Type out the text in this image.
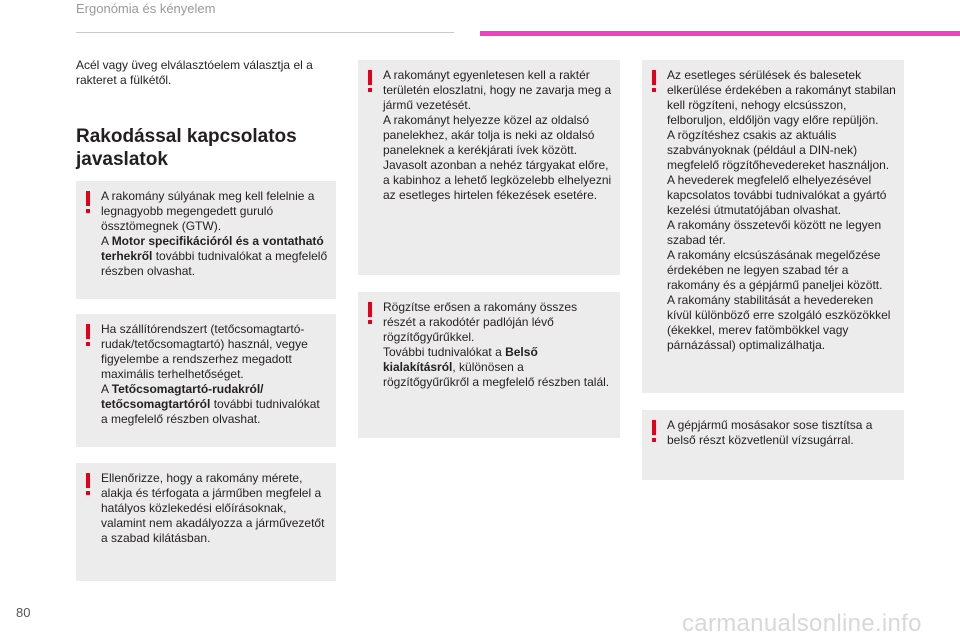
Ergonómia és kényelem

Acél vagy üveg elválasztóelem választja el a rakteret a fülkétől.

Rakodással kapcsolatos javaslatok

A rakomány súlyának meg kell felelnie a legnagyobb megengedett guruló össztömegnek (GTW).

A Motor specifikációról és a vontatható terhekről további tudnivalókat a megfelelő részben olvashat.

Ha szállítórendszert (tetőcsomagtartó-rudak/tetőcsomagtartó) használ, vegye figyelembe a rendszerhez megadott maximális terhelhetőséget.

A Tetőcsomagtartó-rudakról/ tetőcsomagtartóról további tudnivalókat a megfelelő részben olvashat.

Ellenőrizze, hogy a rakomány mérete, alakja és térfogata a járműben megfelel a hatályos közlekedési előírásoknak, valamint nem akadályozza a járművezetőt a szabad kilátásban.

A rakományt egyenletesen kell a raktér területén eloszlatni, hogy ne zavarja meg a jármű vezetését.

A rakományt helyezze közel az oldalsó panelekhez, akár tolja is neki az oldalsó paneleknek a kerékjárati ívek között.

Javasolt azonban a nehéz tárgyakat előre, a kabinhoz a lehető legközelebb elhelyezni az esetleges hirtelen fékezések esetére.

Rögzítse erősen a rakomány összes részét a rakodótér padlóján lévő rögzítőgyűrűkkel.

További tudnivalókat a Belső kialakításról, különösen a rögzítőgyűrűkről a megfelelő részben talál.

Az esetleges sérülések és balesetek elkerülése érdekében a rakományt stabilan kell rögzíteni, nehogy elcsússzon, felboruljon, eldőljön vagy előre repüljön.

A rögzítéshez csakis az aktuális szabványoknak (például a DIN-nek) megfelelő rögzítőhevedereket használjon.

A hevederek megfelelő elhelyezésével kapcsolatos további tudnivalókat a gyártó kezelési útmutatójában olvashat.

A rakomány összetevői között ne legyen szabad tér.

A rakomány elcsúszásának megelőzése érdekében ne legyen szabad tér a rakomány és a gépjármű paneljei között.

A rakomány stabilitását a hevedereken kívül különböző erre szolgáló eszközökkel (ékekkel, merev fatömbökkel vagy párnázással) optimalizálhatja.

A gépjármű mosásakor sose tisztítsa a belső részt közvetlenül vízsugárral.

80	carmanualsonline.info
